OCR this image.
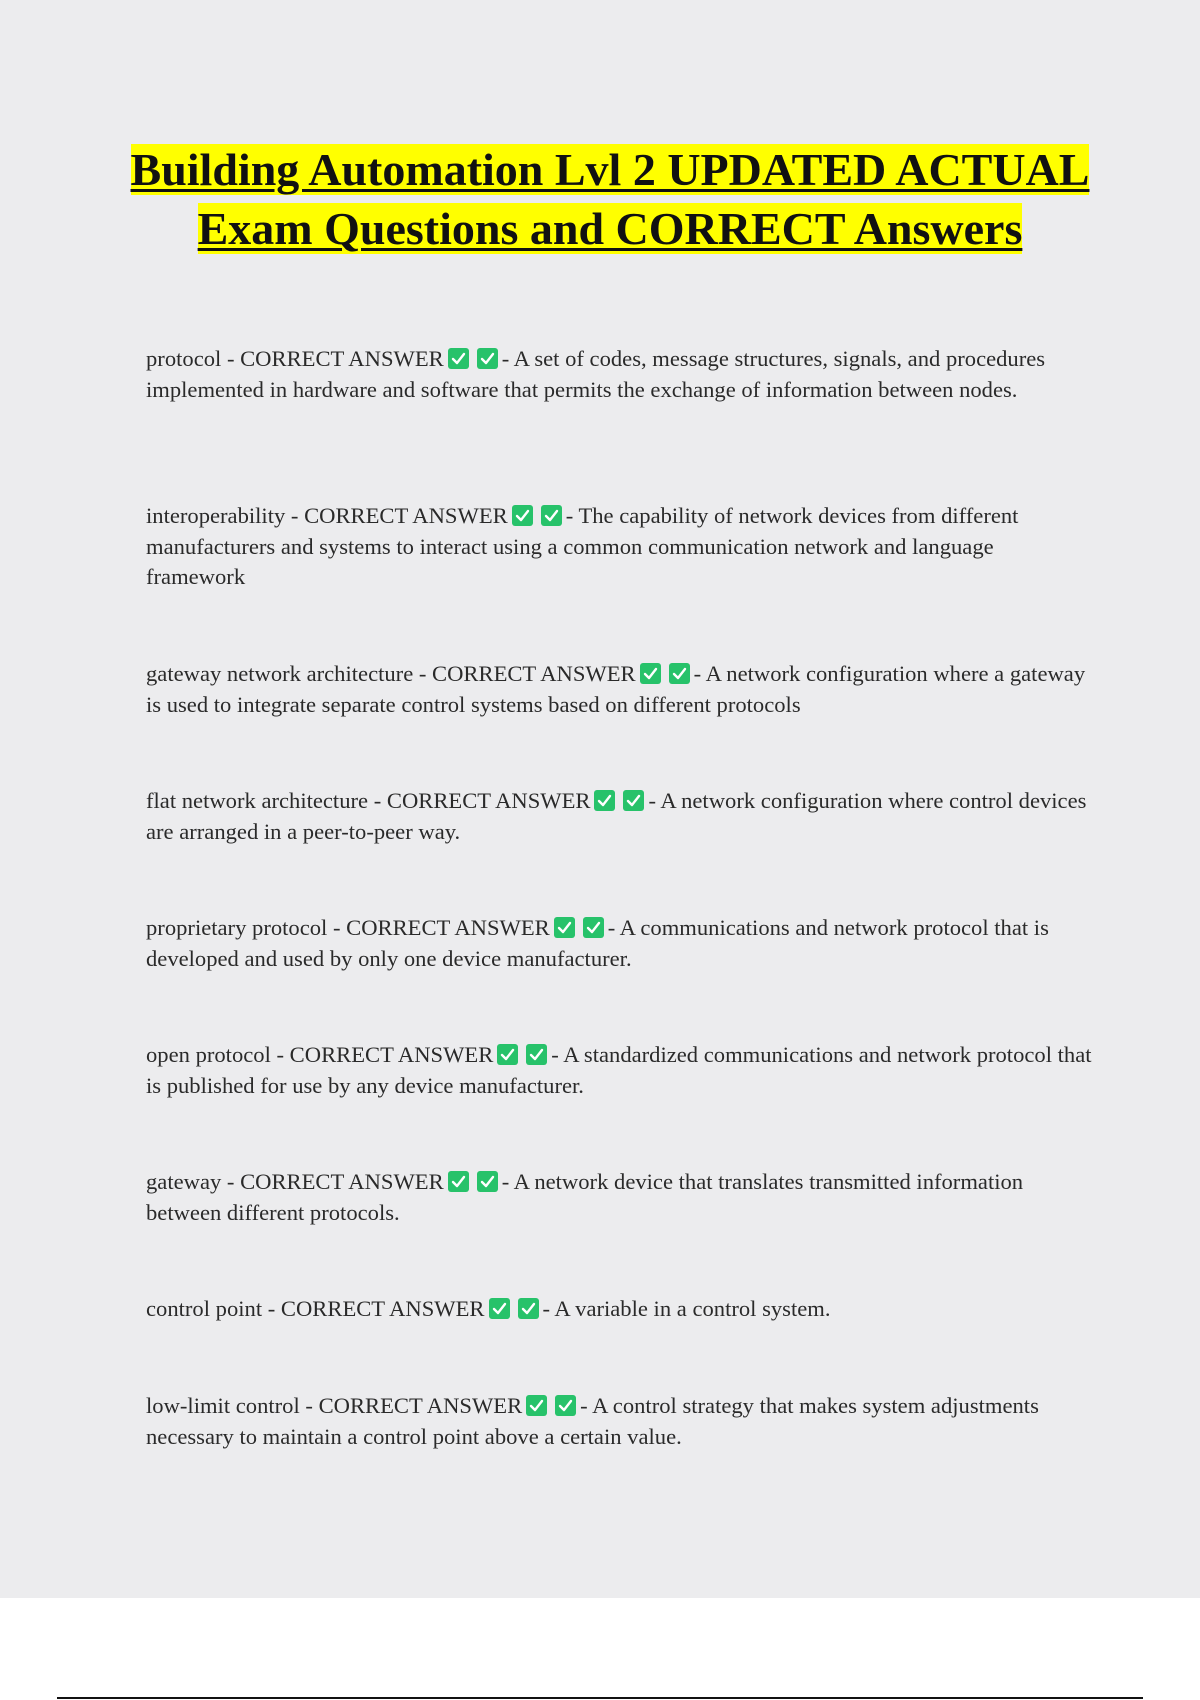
Building Automation Lvl 2 UPDATED ACTUAL Exam Questions and CORRECT Answers
protocol - CORRECT ANSWER	- A set of codes, message structures, signals, and procedures implemented in hardware and software that permits the exchange of information between nodes.
interoperability - CORRECT ANSWER	- The capability of network devices from different manufacturers and systems to interact using a common communication network and language framework
gateway network architecture - CORRECT ANSWER	- A network configuration where a gateway is used to integrate separate control systems based on different protocols
flat network architecture - CORRECT ANSWER	- A network configuration where control devices are arranged in a peer-to-peer way.
proprietary protocol - CORRECT ANSWER	- A communications and network protocol that is developed and used by only one device manufacturer.
open protocol - CORRECT ANSWER	- A standardized communications and network protocol that is published for use by any device manufacturer.
gateway - CORRECT ANSWER	- A network device that translates transmitted information between different protocols.
control point - CORRECT ANSWER	- A variable in a control system.
low-limit control - CORRECT ANSWER	- A control strategy that makes system adjustments necessary to maintain a control point above a certain value.
